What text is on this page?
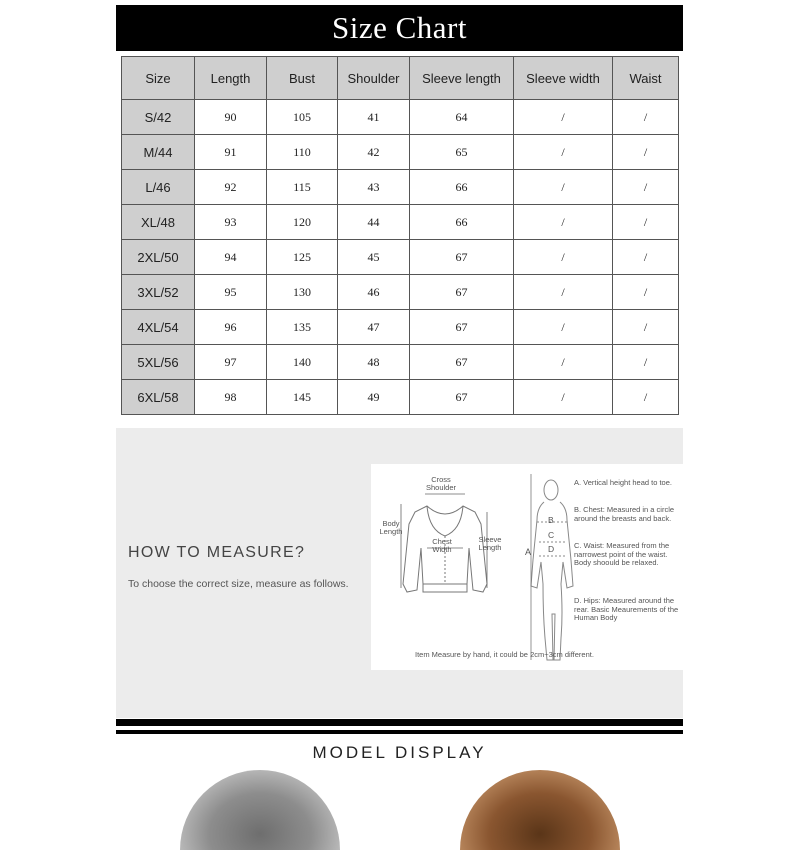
Size Chart
Size	Length	Bust	Shoulder	Sleeve length	Sleeve width	Waist
S/42	90	105	41	64	/	/
M/44	91	110	42	65	/	/
L/46	92	115	43	66	/	/
XL/48	93	120	44	66	/	/
2XL/50	94	125	45	67	/	/
3XL/52	95	130	46	67	/	/
4XL/54	96	135	47	67	/	/
5XL/56	97	140	48	67	/	/
6XL/58	98	145	49	67	/	/
HOW TO MEASURE?
To choose the correct size, measure as follows.
Cross Shoulder
Body Length
Chest Width
Sleeve Length	A
B
C
D
A. Vertical height head to toe.
B. Chest: Measured in a circle around the breasts and back.
C. Waist: Measured from the narrowest point of the waist. Body shoould be relaxed.
D. Hips: Measured around the rear. Basic Meaurements of the Human Body
Item Measure by hand, it could be 2cm~3cm different.
MODEL DISPLAY
